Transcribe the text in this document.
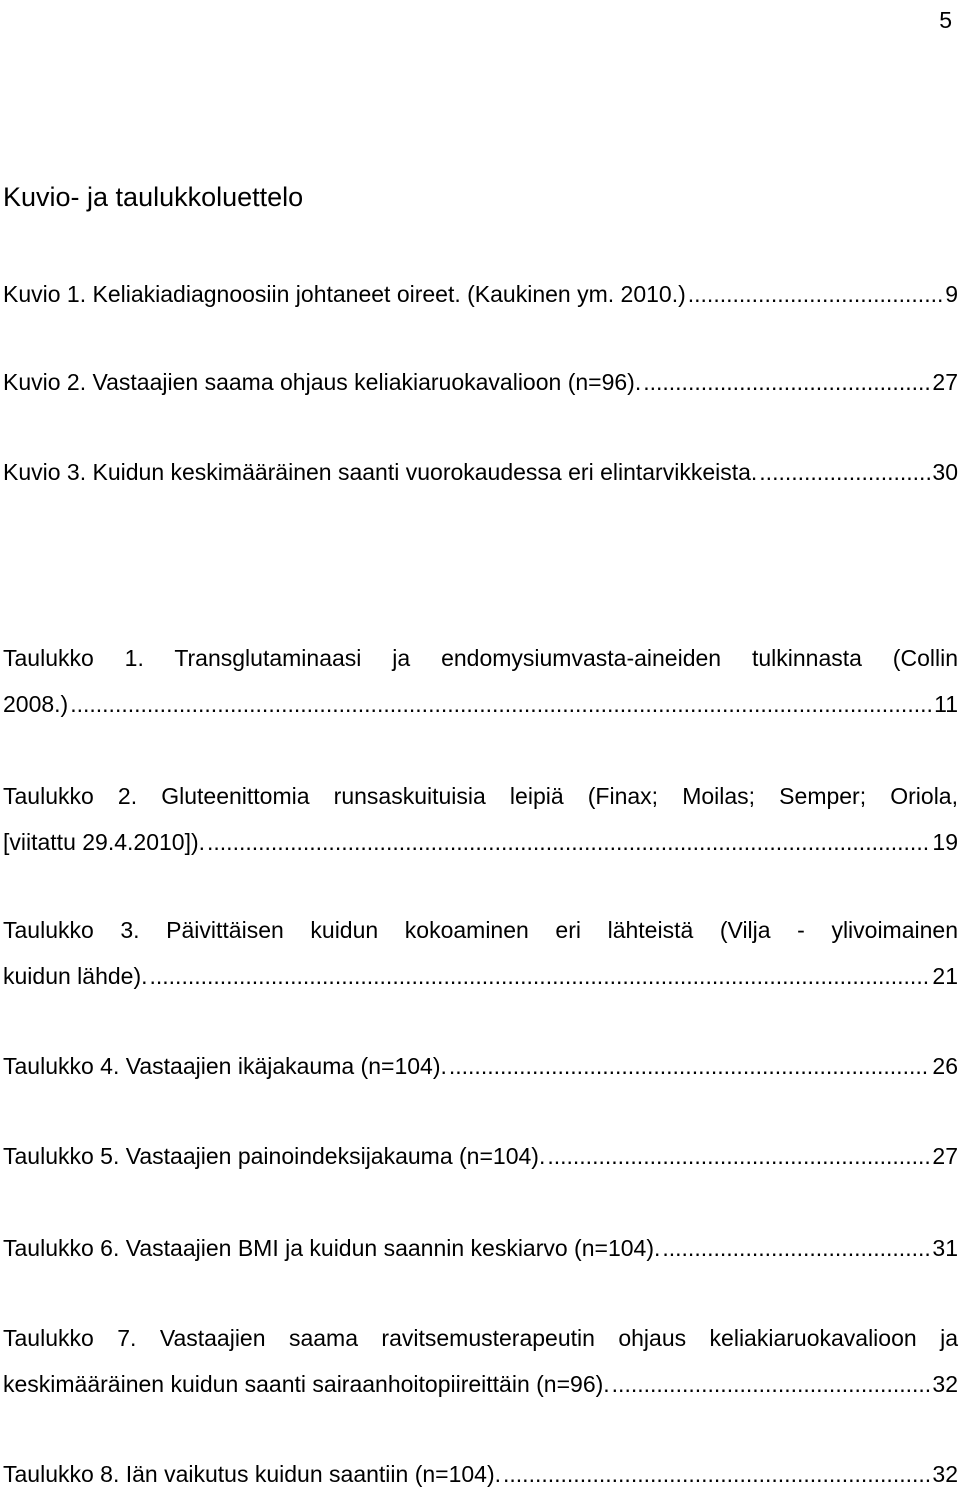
5
Kuvio- ja taulukkoluettelo
Kuvio 1. Keliakiadiagnoosiin johtaneet oireet. (Kaukinen ym. 2010.) .....	9
Kuvio 2. Vastaajien saama ohjaus keliakiaruokavalioon (n=96). .....	27
Kuvio 3. Kuidun keskimääräinen saanti vuorokaudessa eri elintarvikkeista. .....	30
Taulukko 1. Transglutaminaasi ja endomysiumvasta-aineiden tulkinnasta (Collin
2008.) .....	11
Taulukko 2. Gluteenittomia runsaskuituisia leipiä (Finax; Moilas; Semper; Oriola,
[viitattu 29.4.2010]). .....	19
Taulukko 3. Päivittäisen kuidun kokoaminen eri lähteistä (Vilja - ylivoimainen
kuidun lähde). .....	21
Taulukko 4. Vastaajien ikäjakauma (n=104). .....	26
Taulukko 5. Vastaajien painoindeksijakauma (n=104). .....	27
Taulukko 6. Vastaajien BMI ja kuidun saannin keskiarvo (n=104). .....	31
Taulukko 7. Vastaajien saama ravitsemusterapeutin ohjaus keliakiaruokavalioon ja
keskimääräinen kuidun saanti sairaanhoitopiireittäin (n=96). .....	32
Taulukko 8. Iän vaikutus kuidun saantiin (n=104). .....	32
